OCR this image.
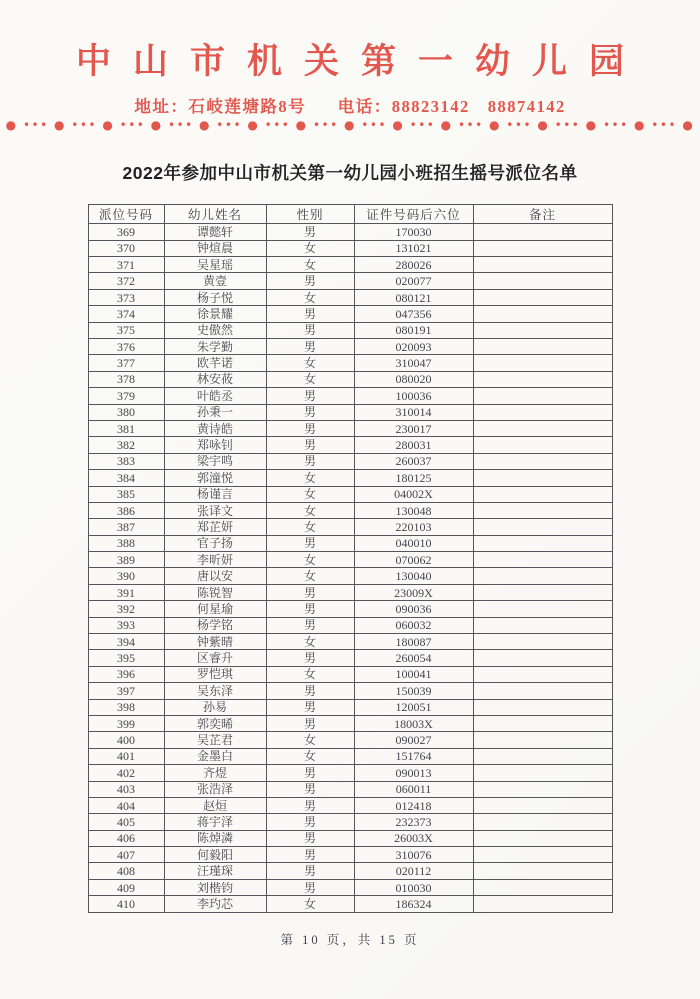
中山市机关第一幼儿园
地址：石岐莲塘路8号 电话：88823142　88874142
● ••• ● ••• ● ••• ● ••• ● ••• ● ••• ● ••• ● ••• ● ••• ● ••• ● ••• ● ••• ● ••• ● ••• ●
2022年参加中山市机关第一幼儿园小班招生摇号派位名单
派位号码	幼儿姓名	性别	证件号码后六位	备注
369	谭懿轩	男	170030	
370	钟煊晨	女	131021	
371	吴星瑶	女	280026	
372	黄壹	男	020077	
373	杨子悦	女	080121	
374	徐景耀	男	047356	
375	史傲然	男	080191	
376	朱学勤	男	020093	
377	欧芊诺	女	310047	
378	林安莜	女	080020	
379	叶皓丞	男	100036	
380	孙秉一	男	310014	
381	黄诗皓	男	230017	
382	郑咏钊	男	280031	
383	梁宇鸣	男	260037	
384	郭潼悦	女	180125	
385	杨谨言	女	04002X	
386	张译文	女	130048	
387	郑芷妍	女	220103	
388	官子扬	男	040010	
389	李昕妍	女	070062	
390	唐以安	女	130040	
391	陈锐智	男	23009X	
392	何星瑜	男	090036	
393	杨学铭	男	060032	
394	钟紫晴	女	180087	
395	区睿升	男	260054	
396	罗恺琪	女	100041	
397	吴东泽	男	150039	
398	孙易	男	120051	
399	郭奕晞	男	18003X	
400	吴芷君	女	090027	
401	金墨白	女	151764	
402	齐煜	男	090013	
403	张浩泽	男	060011	
404	赵烜	男	012418	
405	蒋宇泽	男	232373	
406	陈焯潾	男	26003X	
407	何毅阳	男	310076	
408	汪瑾琛	男	020112	
409	刘楷钧	男	010030	
410	李玓芯	女	186324	
第 10 页，共 15 页
